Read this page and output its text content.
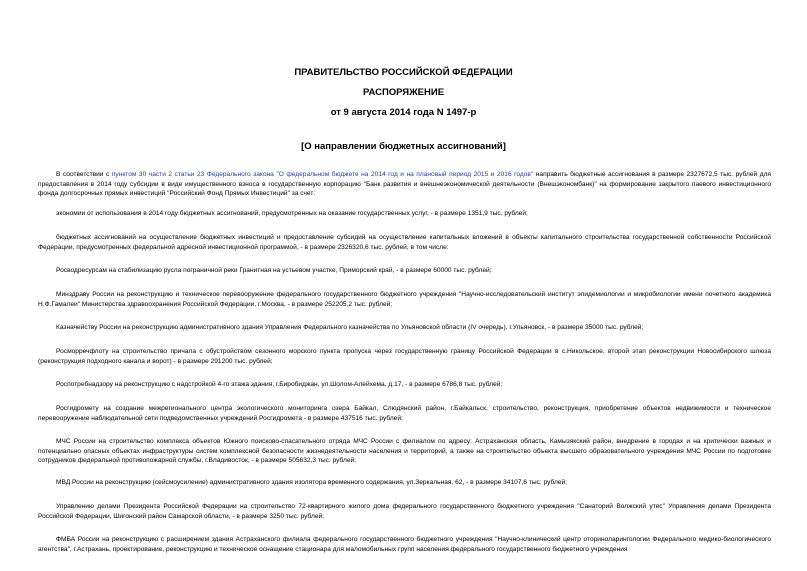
ПРАВИТЕЛЬСТВО РОССИЙСКОЙ ФЕДЕРАЦИИ
РАСПОРЯЖЕНИЕ
от 9 августа 2014 года N 1497-р
[О направлении бюджетных ассигнований]
В соответствии с пунктом 30 части 2 статьи 23 Федерального закона "О федеральном бюджете на 2014 год и на плановый период 2015 и 2016 годов" направить бюджетные ассигнования в размере 2327672,5 тыс. рублей для предоставления в 2014 году субсидии в виде имущественного взноса в государственную корпорацию "Банк развития и внешнеэкономической деятельности (Внешэкономбанк)" на формирование закрытого паевого инвестиционного фонда долгосрочных прямых инвестиций "Российский Фонд Прямых Инвестиций" за счет:
экономии от использования в 2014 году бюджетных ассигнований, предусмотренных на оказание государственных услуг, - в размере 1351,9 тыс. рублей;
бюджетных ассигнований на осуществление бюджетных инвестиций и предоставление субсидий на осуществление капитальных вложений в объекты капитального строительства государственной собственности Российской Федерации, предусмотренных федеральной адресной инвестиционной программой, - в размере 2326320,6 тыс. рублей, в том числе:
Росводресурсам на стабилизацию русла пограничной реки Гранитная на устьевом участке, Приморский край, - в размере 60000 тыс. рублей;
Минздраву России на реконструкцию и техническое перевооружение федерального государственного бюджетного учреждения "Научно-исследовательский институт эпидемиологии и микробиологии имени почетного академика Н.Ф.Гамалеи" Министерства здравоохранения Российской Федерации, г.Москва, - в размере 252205,2 тыс. рублей;
Казначейству России на реконструкцию административного здания Управления Федерального казначейства по Ульяновской области (IV очередь), г.Ульяновск, - в размере 35000 тыс. рублей;
Росморречфлоту на строительство причала с обустройством сезонного морского пункта пропуска через государственную границу Российской Федерации в с.Никольское, второй этап реконструкции Новосибирского шлюза (реконструкция подходного канала и ворот) - в размере 291200 тыс. рублей;
Роспотребнадзору на реконструкцию с надстройкой 4-го этажа здания, г.Биробиджан, ул.Шолом-Алейхема, д.17, - в размере 6786,8 тыс. рублей;
Росгидромету на создание межрегионального центра экологического мониторинга озера Байкал, Слюдянский район, г.Байкальск, строительство, реконструкция, приобретение объектов недвижимости и техническое перевооружение наблюдательной сети подведомственных учреждений Росгидромета - в размере 437516 тыс. рублей;
МЧС России на строительство комплекса объектов Южного поисково-спасательного отряда МЧС России с филиалом по адресу: Астраханская область, Камызякский район, внедрение в городах и на критически важных и потенциально опасных объектах инфраструктуры систем комплексной безопасности жизнедеятельности населения и территорий, а также на строительство объекта высшего образовательного учреждения МЧС России по подготовке сотрудников федеральной противопожарной службы, г.Владивосток, - в размере 505632,3 тыс. рублей;
МВД России на реконструкцию (сейсмоусиление) административного здания изолятора временного содержания, ул.Зеркальная, 62, - в размере 34107,6 тыс. рублей;
Управлению делами Президента Российской Федерации на строительство 72-квартирного жилого дома федерального государственного бюджетного учреждения "Санаторий Волжский утес" Управления делами Президента Российской Федерации, Шигонский район Самарской области, - в размере 3250 тыс. рублей;
ФМБА России на реконструкцию с расширением здания Астраханского филиала федерального государственного бюджетного учреждения "Научно-клинический центр оториноларингологии Федерального медико-биологического агентства", г.Астрахань, проектирование, реконструкцию и техническое оснащение стационара для маломобильных групп населения федерального государственного бюджетного учреждения
